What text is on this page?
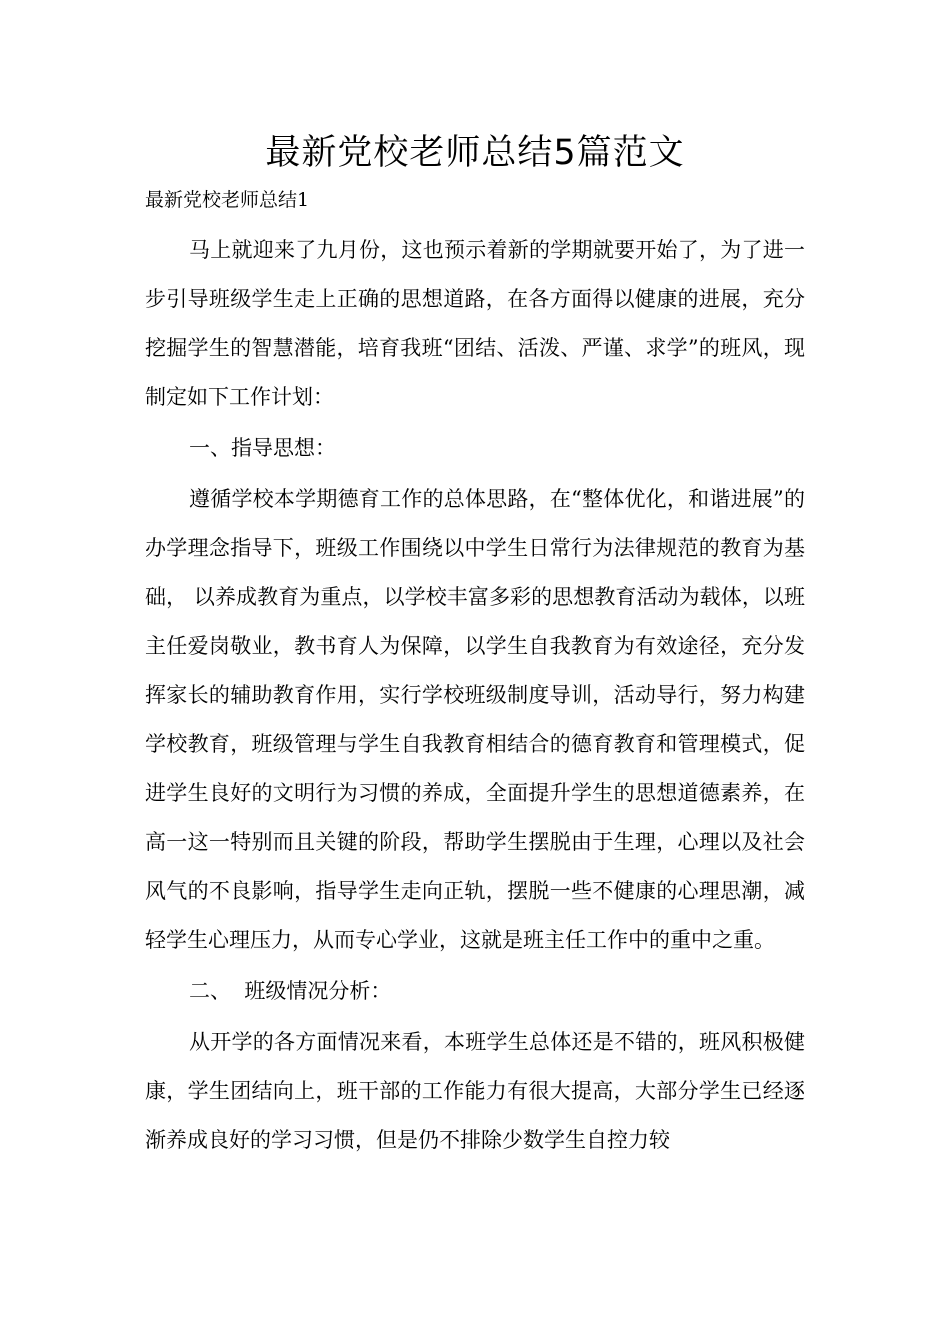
最新党校老师总结5篇范文
最新党校老师总结1

马上就迎来了九月份，这也预示着新的学期就要开始了，为了进一步引导班级学生走上正确的思想道路，在各方面得以健康的进展，充分挖掘学生的智慧潜能，培育我班“团结、活泼、严谨、求学”的班风，现制定如下工作计划：

一、指导思想：

遵循学校本学期德育工作的总体思路，在“整体优化，和谐进展”的办学理念指导下，班级工作围绕以中学生日常行为法律规范的教育为基础， 以养成教育为重点，以学校丰富多彩的思想教育活动为载体，以班主任爱岗敬业，教书育人为保障，以学生自我教育为有效途径，充分发挥家长的辅助教育作用，实行学校班级制度导训，活动导行，努力构建学校教育，班级管理与学生自我教育相结合的德育教育和管理模式，促进学生良好的文明行为习惯的养成，全面提升学生的思想道德素养，在高一这一特别而且关键的阶段，帮助学生摆脱由于生理，心理以及社会风气的不良影响，指导学生走向正轨，摆脱一些不健康的心理思潮，减轻学生心理压力，从而专心学业，这就是班主任工作中的重中之重。

二、  班级情况分析：

从开学的各方面情况来看，本班学生总体还是不错的，班风积极健康，学生团结向上，班干部的工作能力有很大提高，大部分学生已经逐渐养成良好的学习习惯，但是仍不排除少数学生自控力较
